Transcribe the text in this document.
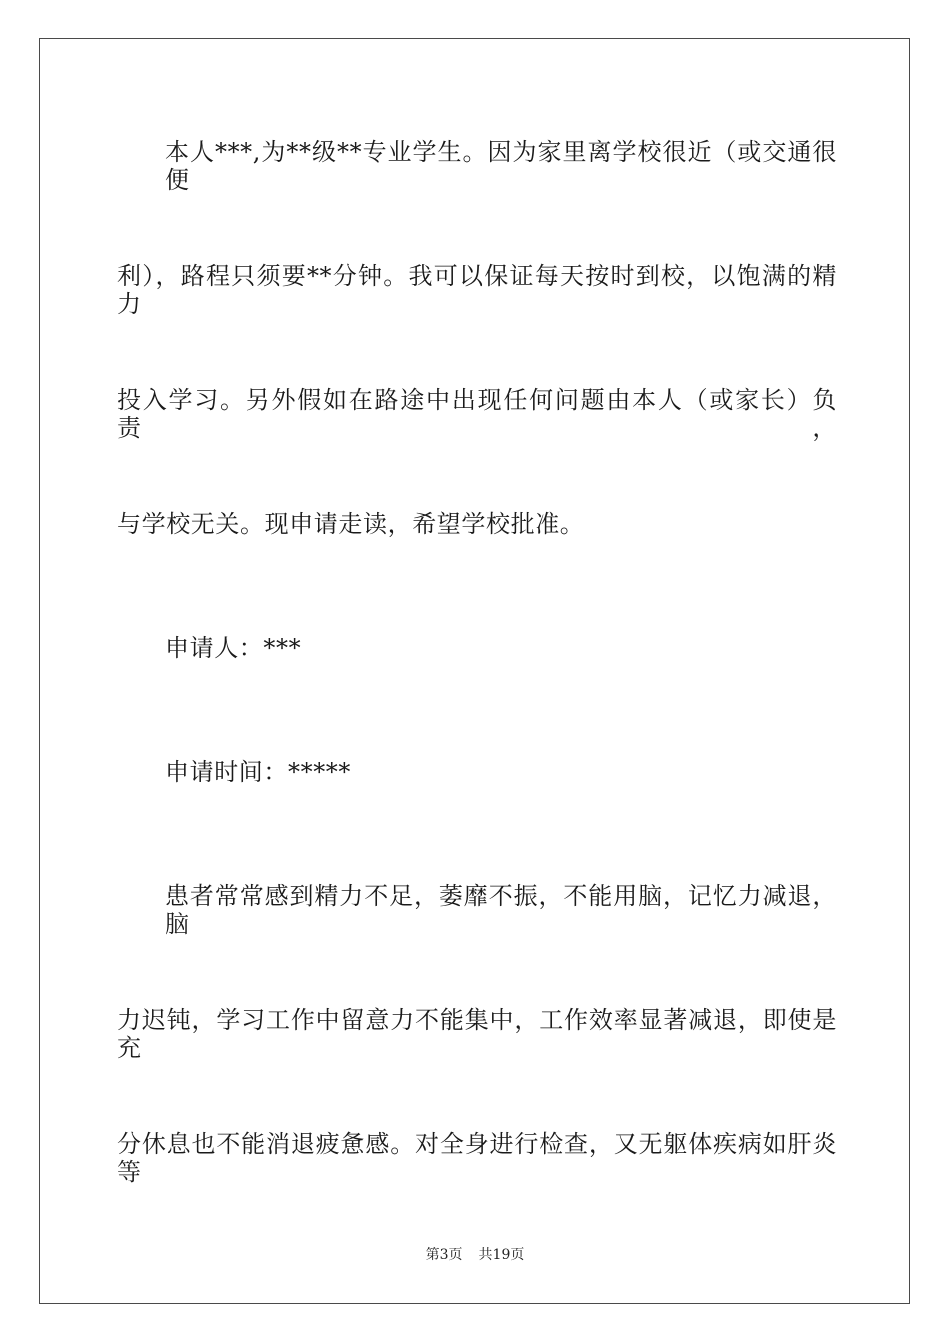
本人***,为**级**专业学生。因为家里离学校很近（或交通很便
利），路程只须要**分钟。我可以保证每天按时到校，以饱满的精力
投入学习。另外假如在路途中出现任何问题由本人（或家长）负责，
与学校无关。现申请走读，希望学校批准。
申请人：***
申请时间：*****
患者常常感到精力不足，萎靡不振，不能用脑，记忆力减退，脑
力迟钝，学习工作中留意力不能集中，工作效率显著减退，即使是充
分休息也不能消退疲惫感。对全身进行检查，又无躯体疾病如肝炎等
第3页 共19页
